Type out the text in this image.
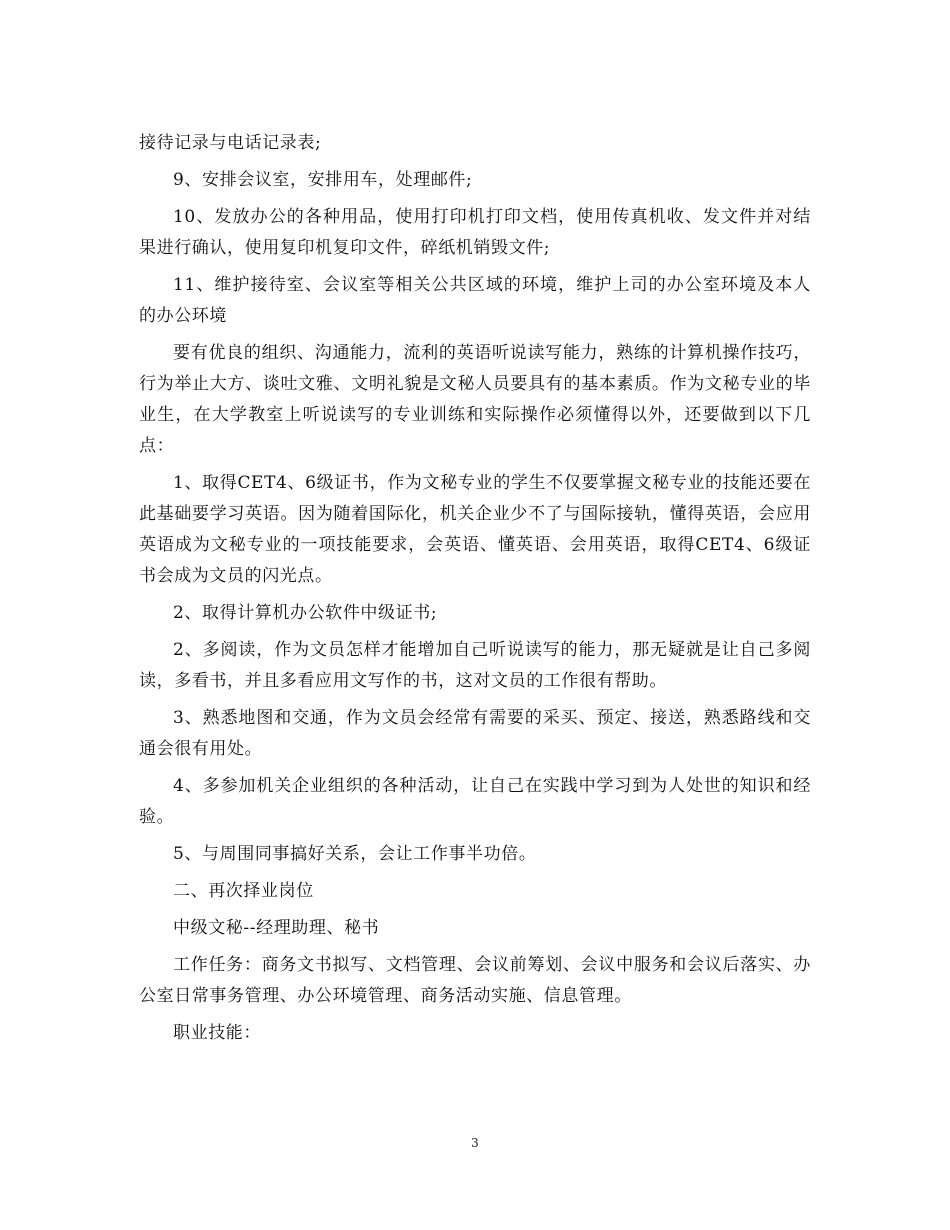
接待记录与电话记录表;

9、安排会议室，安排用车，处理邮件;

10、发放办公的各种用品，使用打印机打印文档，使用传真机收、发文件并对结果进行确认，使用复印机复印文件，碎纸机销毁文件;

11、维护接待室、会议室等相关公共区域的环境，维护上司的办公室环境及本人的办公环境

要有优良的组织、沟通能力，流利的英语听说读写能力，熟练的计算机操作技巧，行为举止大方、谈吐文雅、文明礼貌是文秘人员要具有的基本素质。作为文秘专业的毕业生，在大学教室上听说读写的专业训练和实际操作必须懂得以外，还要做到以下几点：

1、取得CET4、6级证书，作为文秘专业的学生不仅要掌握文秘专业的技能还要在此基础要学习英语。因为随着国际化，机关企业少不了与国际接轨，懂得英语，会应用英语成为文秘专业的一项技能要求，会英语、懂英语、会用英语，取得CET4、6级证书会成为文员的闪光点。

2、取得计算机办公软件中级证书;

2、多阅读，作为文员怎样才能增加自己听说读写的能力，那无疑就是让自己多阅读，多看书，并且多看应用文写作的书，这对文员的工作很有帮助。

3、熟悉地图和交通，作为文员会经常有需要的采买、预定、接送，熟悉路线和交通会很有用处。

4、多参加机关企业组织的各种活动，让自己在实践中学习到为人处世的知识和经验。

5、与周围同事搞好关系，会让工作事半功倍。

二、再次择业岗位

中级文秘--经理助理、秘书

工作任务：商务文书拟写、文档管理、会议前筹划、会议中服务和会议后落实、办公室日常事务管理、办公环境管理、商务活动实施、信息管理。

职业技能：

3
